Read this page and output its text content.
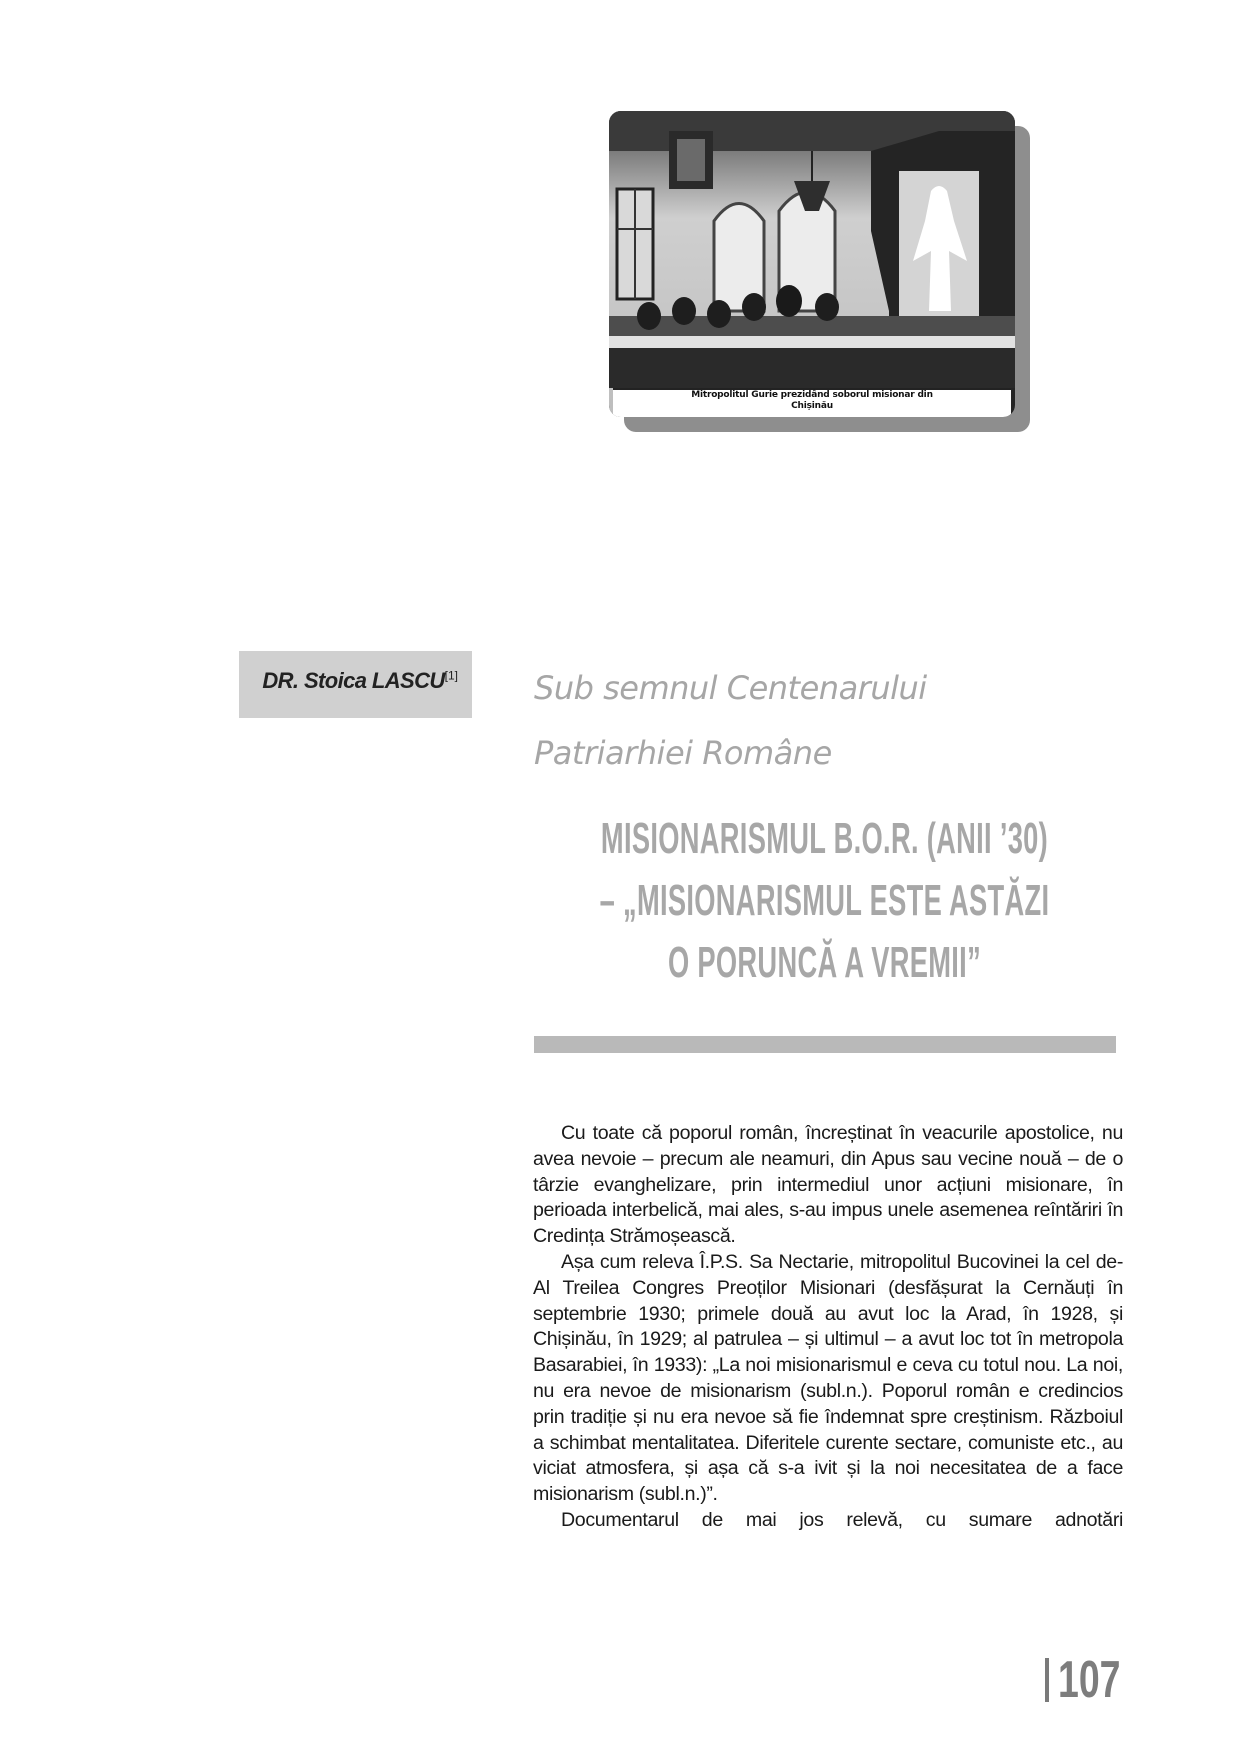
Mitropolitul Gurie prezidând soborul misionar din
Chișinău
DR. Stoica LASCU[1] Sub semnul Centenarului
Patriarhiei Române
MISIONARISMUL B.O.R. (ANII ’30)
– „MISIONARISMUL ESTE ASTĂZI
O PORUNCĂ A VREMII”

Cu toate că poporul român, încreștinat în veacurile apostolice, nu avea nevoie – precum ale neamuri, din Apus sau vecine nouă – de o târzie evanghelizare, prin intermediul unor acțiuni misionare, în perioada interbelică, mai ales, s-au impus unele asemenea reîntăriri în Credința Strămoșească.

Așa cum releva Î.P.S. Sa Nectarie, mitropolitul Bucovinei la cel de-Al Treilea Congres Preoților Misionari (desfășurat la Cernăuți în septembrie 1930; primele două au avut loc la Arad, în 1928, și Chișinău, în 1929; al patrulea – și ultimul – a avut loc tot în metropola Basarabiei, în 1933): „La noi misionarismul e ceva cu totul nou. La noi, nu era nevoe de misionarism (subl.n.). Poporul român e credincios prin tradiție și nu era nevoe să fie îndemnat spre creștinism. Războiul a schimbat mentalitatea. Diferitele curente sectare, comuniste etc., au viciat atmosfera, și așa că s-a ivit și la noi necesitatea de a face misionarism (subl.n.)”.

Documentarul de mai jos relevă, cu sumare adnotări

107
